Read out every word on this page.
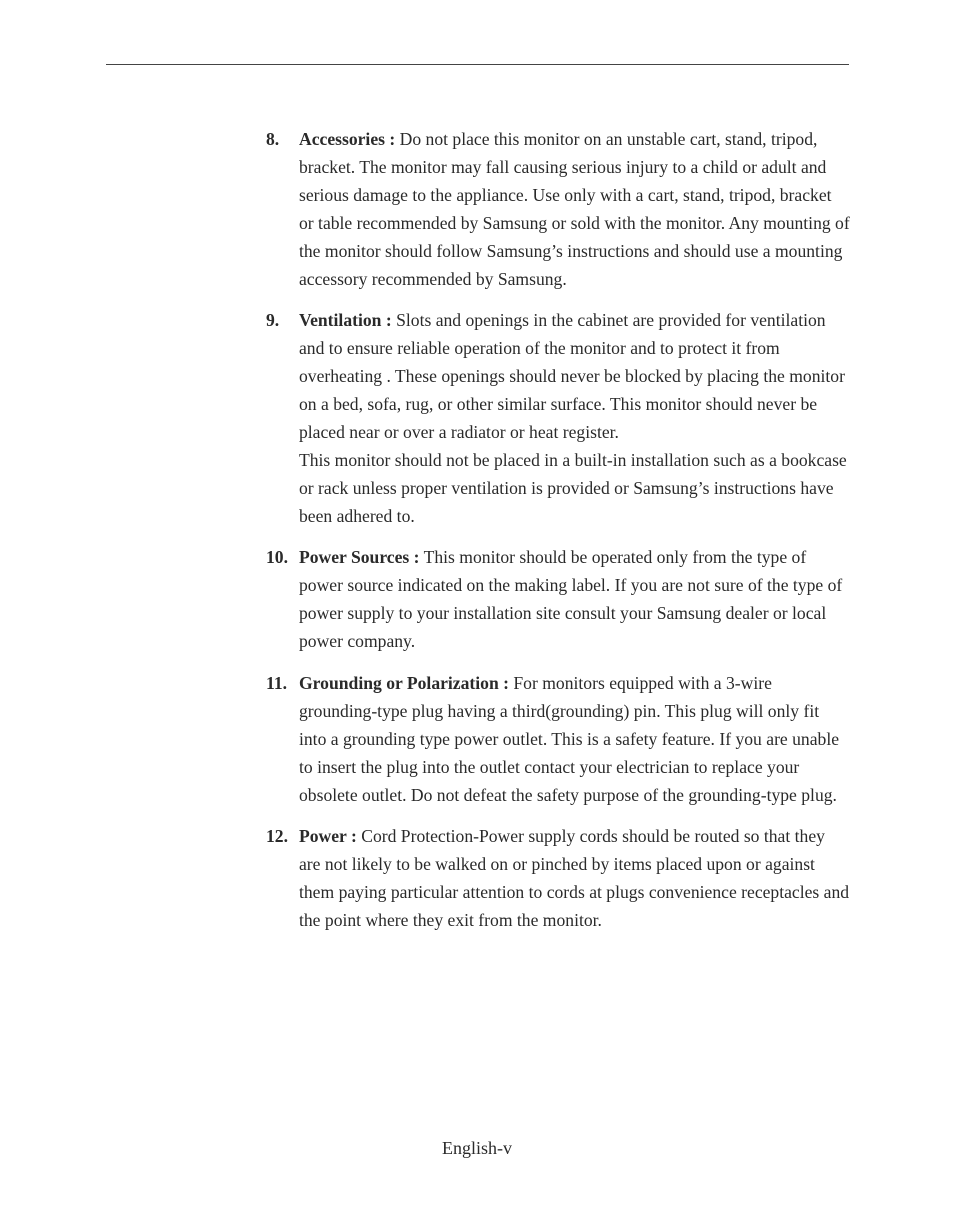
8. Accessories : Do not place this monitor on an unstable cart, stand, tripod, bracket. The monitor may fall causing serious injury to a child or adult and serious damage to the appliance. Use only with a cart, stand, tripod, bracket or table recommended by Samsung or sold with the monitor. Any mounting of the monitor should follow Samsung’s instructions and should use a mounting accessory recommended by Samsung.
9. Ventilation : Slots and openings in the cabinet are provided for ventilation and to ensure reliable operation of the monitor and to protect it from overheating . These openings should never be blocked by placing the monitor on a bed, sofa, rug, or other similar surface. This monitor should never be placed near or over a radiator or heat register.
This monitor should not be placed in a built-in installation such as a bookcase or rack unless proper ventilation is provided or Samsung’s instructions have been adhered to.
10. Power Sources : This monitor should be operated only from the type of power source indicated on the making label. If you are not sure of the type of power supply to your installation site consult your Samsung dealer or local power company.
11. Grounding or Polarization : For monitors equipped with a 3-wire grounding-type plug having a third(grounding) pin. This plug will only fit into a grounding type power outlet. This is a safety feature. If you are unable to insert the plug into the outlet contact your electrician to replace your obsolete outlet. Do not defeat the safety purpose of the grounding-type plug.
12. Power : Cord Protection-Power supply cords should be routed so that they are not likely to be walked on or pinched by items placed upon or against them paying particular attention to cords at plugs convenience receptacles and the point where they exit from the monitor.
English-v
